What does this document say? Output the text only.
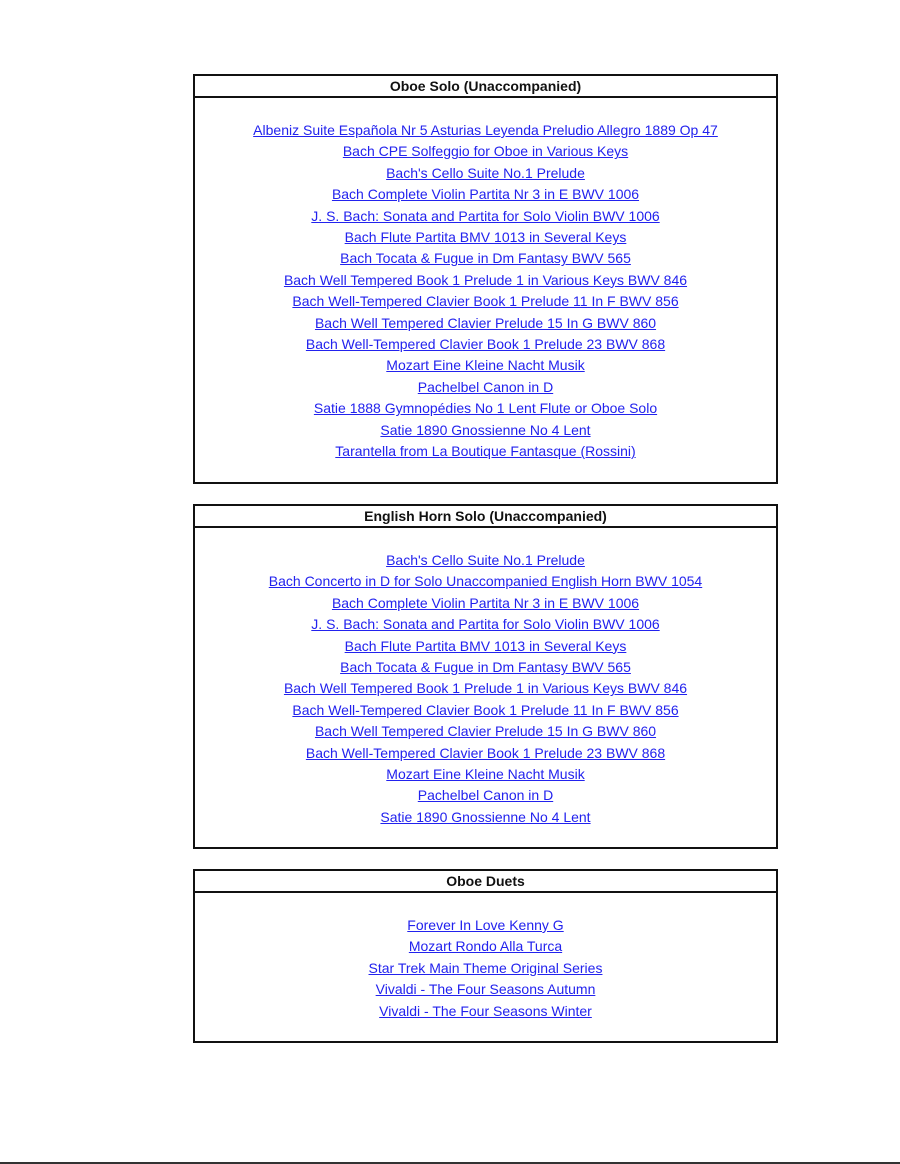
Oboe Solo (Unaccompanied)
Albeniz Suite Española Nr 5 Asturias Leyenda Preludio Allegro 1889 Op 47
Bach CPE Solfeggio for Oboe in Various Keys
Bach's Cello Suite No.1 Prelude
Bach Complete Violin Partita Nr 3 in E BWV 1006
J. S. Bach: Sonata and Partita for Solo Violin BWV 1006
Bach Flute Partita BMV 1013 in Several Keys
Bach Tocata & Fugue in Dm Fantasy BWV 565
Bach Well Tempered Book 1 Prelude 1 in Various Keys BWV 846
Bach Well-Tempered Clavier Book 1 Prelude 11 In F BWV 856
Bach Well Tempered Clavier Prelude 15 In G BWV 860
Bach Well-Tempered Clavier Book 1 Prelude 23 BWV 868
Mozart Eine Kleine Nacht Musik
Pachelbel Canon in D
Satie 1888 Gymnopédies No 1 Lent Flute or Oboe Solo
Satie 1890 Gnossienne No 4 Lent
Tarantella from La Boutique Fantasque (Rossini)
English Horn Solo (Unaccompanied)
Bach's Cello Suite No.1 Prelude
Bach Concerto in D for Solo Unaccompanied English Horn BWV 1054
Bach Complete Violin Partita Nr 3 in E BWV 1006
J. S. Bach: Sonata and Partita for Solo Violin BWV 1006
Bach Flute Partita BMV 1013 in Several Keys
Bach Tocata & Fugue in Dm Fantasy BWV 565
Bach Well Tempered Book 1 Prelude 1 in Various Keys BWV 846
Bach Well-Tempered Clavier Book 1 Prelude 11 In F BWV 856
Bach Well Tempered Clavier Prelude 15 In G BWV 860
Bach Well-Tempered Clavier Book 1 Prelude 23 BWV 868
Mozart Eine Kleine Nacht Musik
Pachelbel Canon in D
Satie 1890 Gnossienne No 4 Lent
Oboe Duets
Forever In Love Kenny G
Mozart Rondo Alla Turca
Star Trek Main Theme Original Series
Vivaldi - The Four Seasons Autumn
Vivaldi - The Four Seasons Winter
